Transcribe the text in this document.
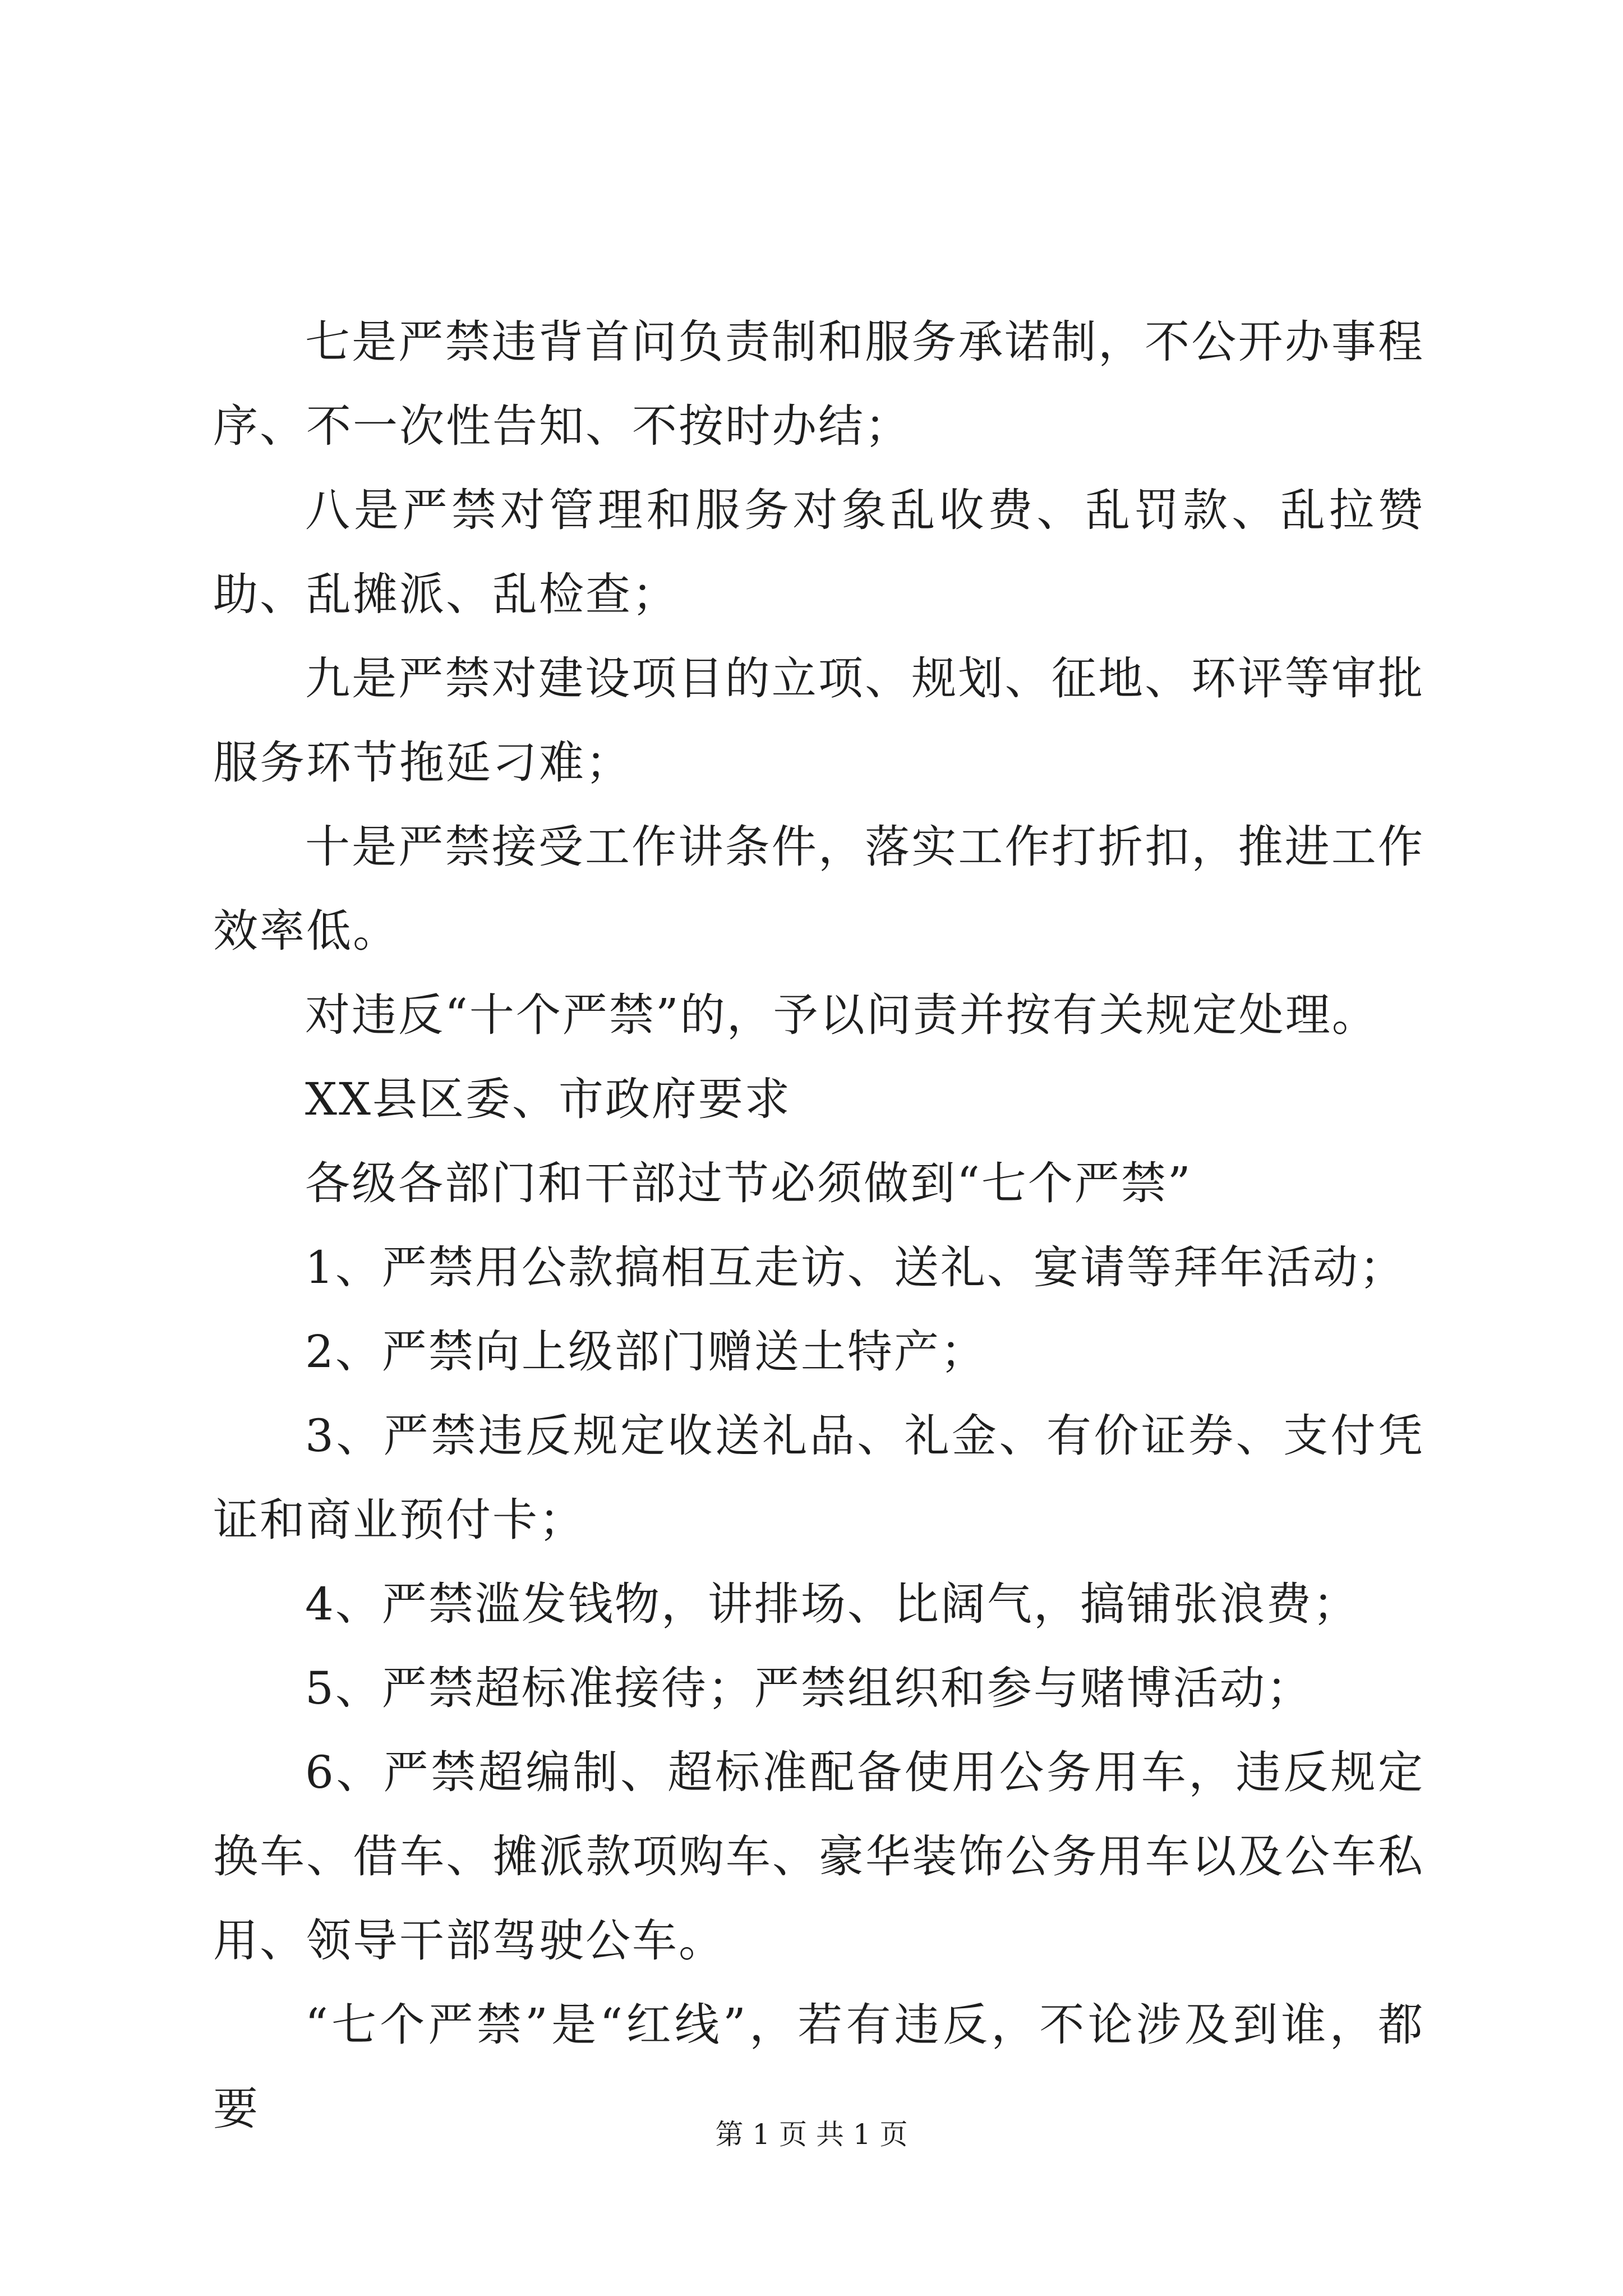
七是严禁违背首问负责制和服务承诺制，不公开办事程序、不一次性告知、不按时办结；

八是严禁对管理和服务对象乱收费、乱罚款、乱拉赞助、乱摊派、乱检查；

九是严禁对建设项目的立项、规划、征地、环评等审批服务环节拖延刁难；

十是严禁接受工作讲条件，落实工作打折扣，推进工作效率低。

对违反“十个严禁”的，予以问责并按有关规定处理。

XX县区委、市政府要求

各级各部门和干部过节必须做到“七个严禁”

1、严禁用公款搞相互走访、送礼、宴请等拜年活动；

2、严禁向上级部门赠送土特产；

3、严禁违反规定收送礼品、礼金、有价证券、支付凭证和商业预付卡；

4、严禁滥发钱物，讲排场、比阔气，搞铺张浪费；

5、严禁超标准接待；严禁组织和参与赌博活动；

6、严禁超编制、超标准配备使用公务用车，违反规定换车、借车、摊派款项购车、豪华装饰公务用车以及公车私用、领导干部驾驶公车。

“七个严禁”是“红线”，若有违反，不论涉及到谁，都要	第 1 页 共 1 页
